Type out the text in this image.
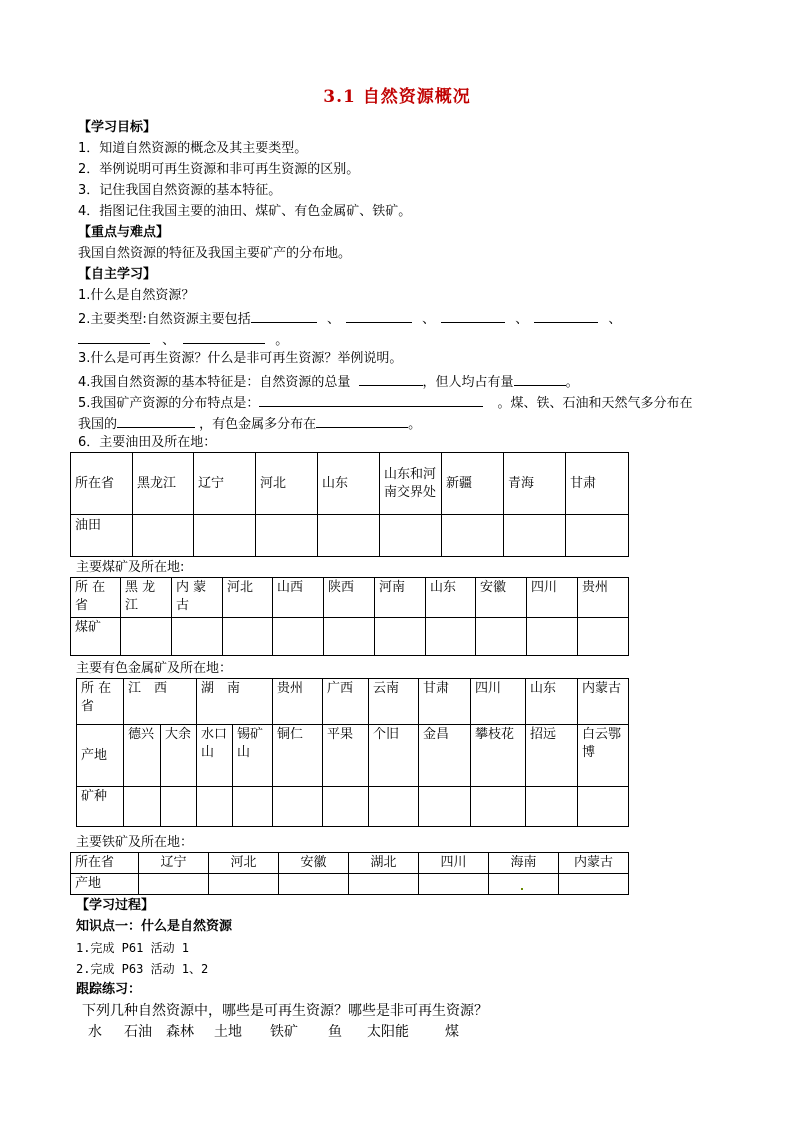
3.1 自然资源概况
【学习目标】
1．知道自然资源的概念及其主要类型。
2．举例说明可再生资源和非可再生资源的区别。
3．记住我国自然资源的基本特征。
4．指图记住我国主要的油田、煤矿、有色金属矿、铁矿。
【重点与难点】
我国自然资源的特征及我国主要矿产的分布地。
【自主学习】
1.什么是自然资源？
2.主要类型:自然资源主要包括	、	、	、	、
、	。
3.什么是可再生资源？什么是非可再生资源？举例说明。
4.我国自然资源的基本特征是：自然资源的总量	，但人均占有量	。
5.我国矿产资源的分布特点是：	。煤、铁、石油和天然气多分布在
我国的	，有色金属多分布在	。
6．主要油田及所在地：
所在省	黑龙江	辽宁	河北	山东	山东和河南交界处	新疆	青海	甘肃
油田								
主要煤矿及所在地:
所 在 省	黑 龙 江	内 蒙 古	河北	山西	陕西	河南	山东	安徽	四川	贵州
煤矿										
主要有色金属矿及所在地：
所 在 省	江　西		湖　南		贵州	广西	云南	甘肃	四川	山东	内蒙古
产地	德兴	大余	水口山	锡矿山	铜仁	平果	个旧	金昌	攀枝花	招远	白云鄂博
矿种											
主要铁矿及所在地：
所在省	辽宁	河北	安徽	湖北	四川	海南	内蒙古
产地							
【学习过程】
知识点一：什么是自然资源
1.完成 P61 活动 1
2.完成 P63 活动 1、2
跟踪练习：
下列几种自然资源中，哪些是可再生资源？哪些是非可再生资源？
水 石油 森林 土地 铁矿 鱼 太阳能	煤
